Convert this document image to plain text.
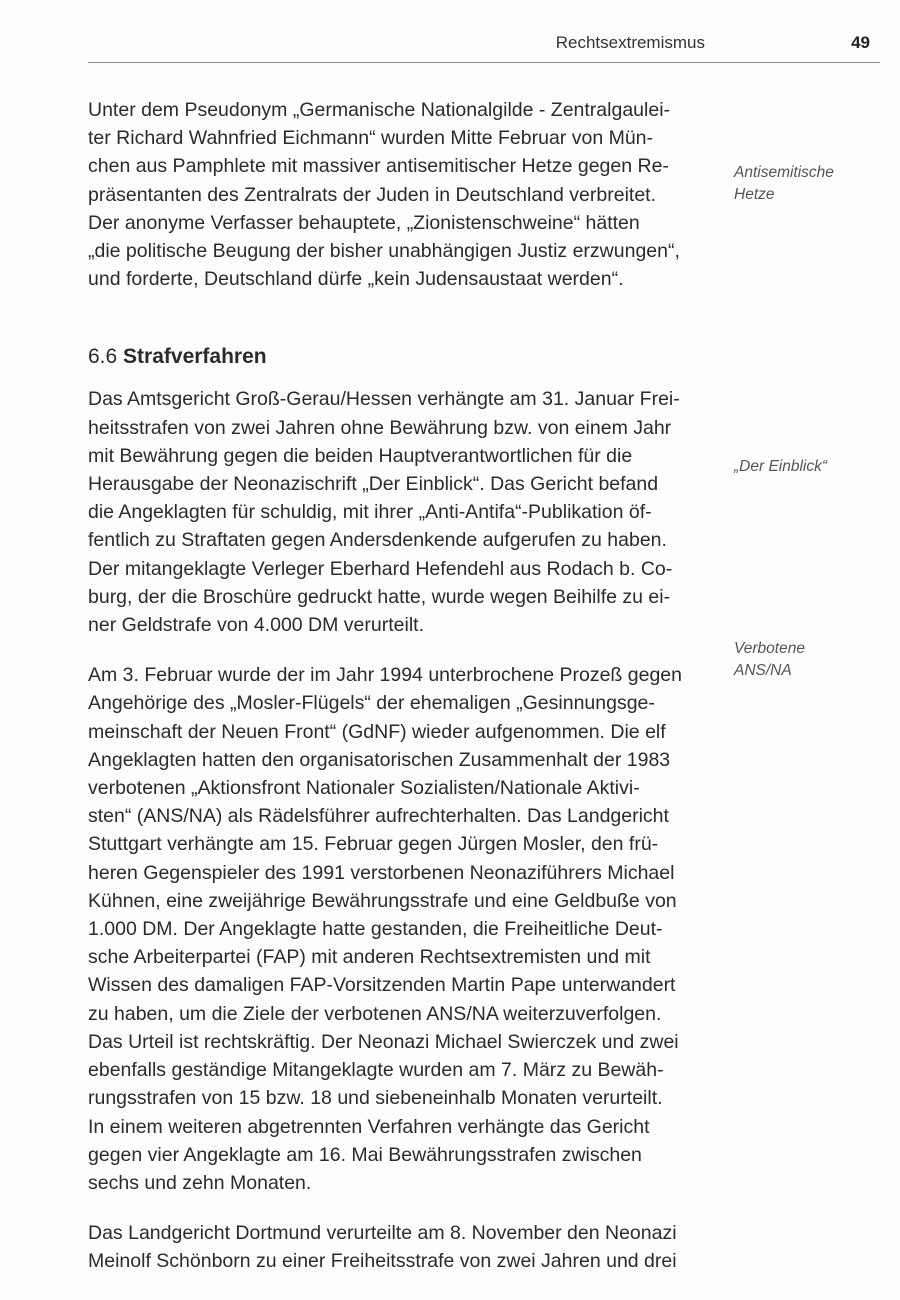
Rechtsextremismus	49

Unter dem Pseudonym „Germanische Nationalgilde - Zentralgaulei-

ter Richard Wahnfried Eichmann“ wurden Mitte Februar von Mün-

chen aus Pamphlete mit massiver antisemitischer Hetze gegen Re-

präsentanten des Zentralrats der Juden in Deutschland verbreitet.

Der anonyme Verfasser behauptete, „Zionistenschweine“ hätten

„die politische Beugung der bisher unabhängigen Justiz erzwungen“,

und forderte, Deutschland dürfe „kein Judensaustaat werden“.

6.6 Strafverfahren

Das Amtsgericht Groß-Gerau/Hessen verhängte am 31. Januar Frei-

heitsstrafen von zwei Jahren ohne Bewährung bzw. von einem Jahr

mit Bewährung gegen die beiden Hauptverantwortlichen für die

Herausgabe der Neonazischrift „Der Einblick“. Das Gericht befand

die Angeklagten für schuldig, mit ihrer „Anti-Antifa“-Publikation öf-

fentlich zu Straftaten gegen Andersdenkende aufgerufen zu haben.

Der mitangeklagte Verleger Eberhard Hefendehl aus Rodach b. Co-

burg, der die Broschüre gedruckt hatte, wurde wegen Beihilfe zu ei-

ner Geldstrafe von 4.000 DM verurteilt.

Am 3. Februar wurde der im Jahr 1994 unterbrochene Prozeß gegen

Angehörige des „Mosler-Flügels“ der ehemaligen „Gesinnungsge-

meinschaft der Neuen Front“ (GdNF) wieder aufgenommen. Die elf

Angeklagten hatten den organisatorischen Zusammenhalt der 1983

verbotenen „Aktionsfront Nationaler Sozialisten/Nationale Aktivi-

sten“ (ANS/NA) als Rädelsführer aufrechterhalten. Das Landgericht

Stuttgart verhängte am 15. Februar gegen Jürgen Mosler, den frü-

heren Gegenspieler des 1991 verstorbenen Neonaziführers Michael

Kühnen, eine zweijährige Bewährungsstrafe und eine Geldbuße von

1.000 DM. Der Angeklagte hatte gestanden, die Freiheitliche Deut-

sche Arbeiterpartei (FAP) mit anderen Rechtsextremisten und mit

Wissen des damaligen FAP-Vorsitzenden Martin Pape unterwandert

zu haben, um die Ziele der verbotenen ANS/NA weiterzuverfolgen.

Das Urteil ist rechtskräftig. Der Neonazi Michael Swierczek und zwei

ebenfalls geständige Mitangeklagte wurden am 7. März zu Bewäh-

rungsstrafen von 15 bzw. 18 und siebeneinhalb Monaten verurteilt.

In einem weiteren abgetrennten Verfahren verhängte das Gericht

gegen vier Angeklagte am 16. Mai Bewährungsstrafen zwischen

sechs und zehn Monaten.

Das Landgericht Dortmund verurteilte am 8. November den Neonazi

Meinolf Schönborn zu einer Freiheitsstrafe von zwei Jahren und drei

Antisemitische
Hetze
„Der Einblick“
Verbotene
ANS/NA
